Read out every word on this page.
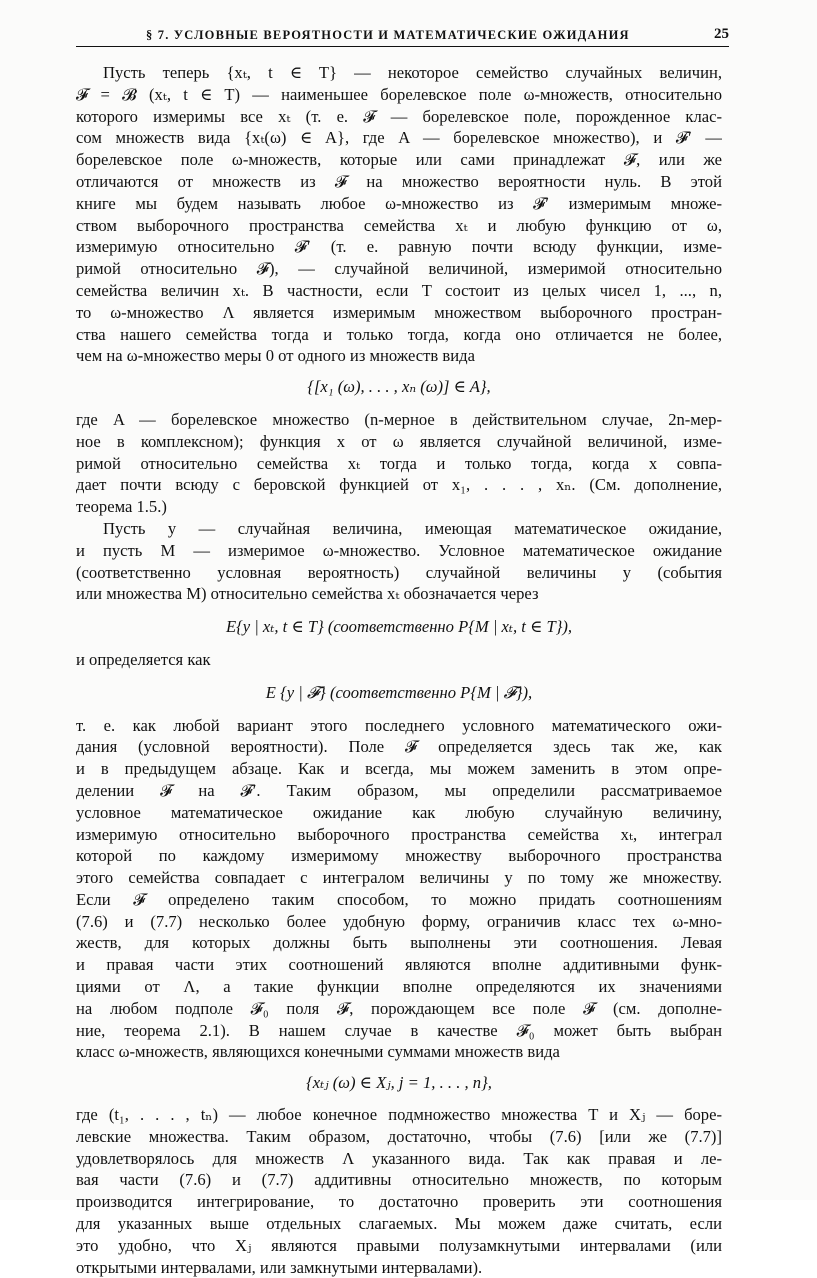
§ 7. УСЛОВНЫЕ ВЕРОЯТНОСТИ И МАТЕМАТИЧЕСКИЕ ОЖИДАНИЯ	25
Пусть теперь {xₜ, t ∈ T} — некоторое семейство случайных величин,
𝓕 = 𝓑 (xₜ, t ∈ T) — наименьшее борелевское поле ω-множеств, относительно
которого измеримы все xₜ (т. е. 𝓕 — борелевское поле, порожденное клас-
сом множеств вида {xₜ(ω) ∈ A}, где A — борелевское множество), и 𝓕′ —
борелевское поле ω-множеств, которые или сами принадлежат 𝓕, или же
отличаются от множеств из 𝓕 на множество вероятности нуль. В этой
книге мы будем называть любое ω-множество из 𝓕′ измеримым множе-
ством выборочного пространства семейства xₜ и любую функцию от ω,
измеримую относительно 𝓕′ (т. е. равную почти всюду функции, изме-
римой относительно 𝓕), — случайной величиной, измеримой относительно
семейства величин xₜ. В частности, если T состоит из целых чисел 1, ..., n,
то ω-множество Λ является измеримым множеством выборочного простран-
ства нашего семейства тогда и только тогда, когда оно отличается не более,
чем на ω-множество меры 0 от одного из множеств вида
{[x₁ (ω), . . . , xₙ (ω)] ∈ A},
где A — борелевское множество (n-мерное в действительном случае, 2n-мер-
ное в комплексном); функция x от ω является случайной величиной, изме-
римой относительно семейства xₜ тогда и только тогда, когда x совпа-
дает почти всюду с беровской функцией от x₁, . . . , xₙ. (См. дополнение,
теорема 1.5.)
Пусть y — случайная величина, имеющая математическое ожидание,
и пусть M — измеримое ω-множество. Условное математическое ожидание
(соответственно условная вероятность) случайной величины y (события
или множества M) относительно семейства xₜ обозначается через
E{y | xₜ, t ∈ T} (соответственно P{M | xₜ, t ∈ T}),
и определяется как
E {y | 𝓕} (соответственно P{M | 𝓕}),
т. е. как любой вариант этого последнего условного математического ожи-
дания (условной вероятности). Поле 𝓕 определяется здесь так же, как
и в предыдущем абзаце. Как и всегда, мы можем заменить в этом опре-
делении 𝓕 на 𝓕′. Таким образом, мы определили рассматриваемое
условное математическое ожидание как любую случайную величину,
измеримую относительно выборочного пространства семейства xₜ, интеграл
которой по каждому измеримому множеству выборочного пространства
этого семейства совпадает с интегралом величины y по тому же множеству.
Если 𝓕 определено таким способом, то можно придать соотношениям
(7.6) и (7.7) несколько более удобную форму, ограничив класс тех ω-мно-
жеств, для которых должны быть выполнены эти соотношения. Левая
и правая части этих соотношений являются вполне аддитивными функ-
циями от Λ, а такие функции вполне определяются их значениями
на любом подполе 𝓕₀ поля 𝓕, порождающем все поле 𝓕 (см. дополне-
ние, теорема 2.1). В нашем случае в качестве 𝓕₀ может быть выбран
класс ω-множеств, являющихся конечными суммами множеств вида
{xₜⱼ (ω) ∈ Xⱼ, j = 1, . . . , n},
где (t₁, . . . , tₙ) — любое конечное подмножество множества T и Xⱼ — боре-
левские множества. Таким образом, достаточно, чтобы (7.6) [или же (7.7)]
удовлетворялось для множеств Λ указанного вида. Так как правая и ле-
вая части (7.6) и (7.7) аддитивны относительно множеств, по которым
производится интегрирование, то достаточно проверить эти соотношения
для указанных выше отдельных слагаемых. Мы можем даже считать, если
это удобно, что Xⱼ являются правыми полузамкнутыми интервалами (или
открытыми интервалами, или замкнутыми интервалами).
